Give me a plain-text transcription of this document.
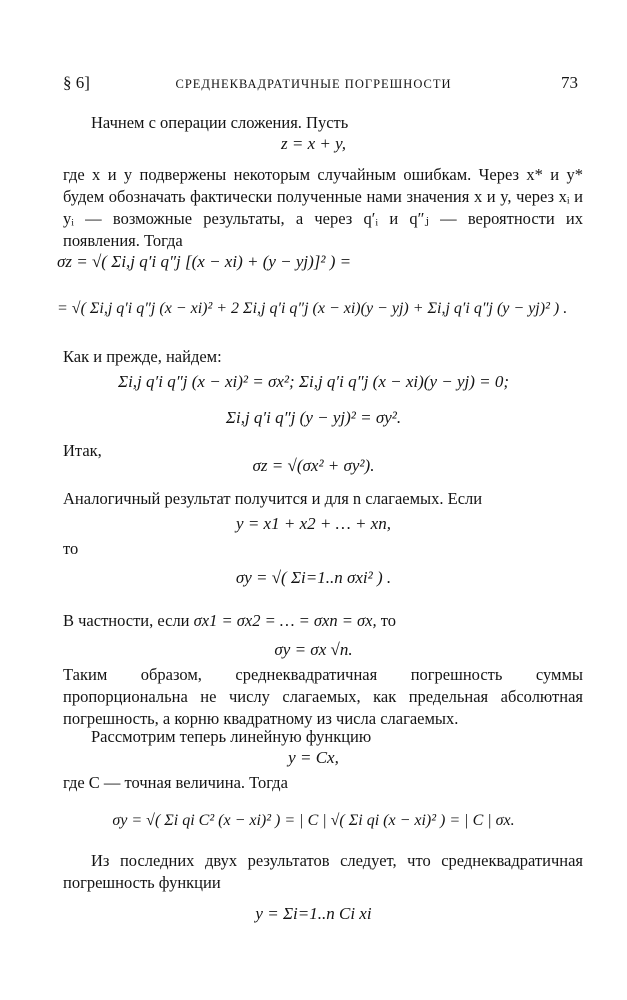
§ 6]	СРЕДНЕКВАДРАТИЧНЫЕ ПОГРЕШНОСТИ	73
Начнем с операции сложения. Пусть
z = x + y,
где x и y подвержены некоторым случайным ошибкам. Через x* и y* будем обозначать фактически полученные нами значения x и y, через xᵢ и yᵢ — возможные результаты, а через q′ᵢ и q″ⱼ — вероятности их появления. Тогда
σz = √( Σi,j q′i q″j [(x − xi) + (y − yj)]² ) =
= √( Σi,j q′i q″j (x − xi)² + 2 Σi,j q′i q″j (x − xi)(y − yj) + Σi,j q′i q″j (y − yj)² ) .
Как и прежде, найдем:
Σi,j q′i q″j (x − xi)² = σx²; Σi,j q′i q″j (x − xi)(y − yj) = 0;
Σi,j q′i q″j (y − yj)² = σy².
Итак,
σz = √(σx² + σy²).
Аналогичный результат получится и для n слагаемых. Если
y = x1 + x2 + … + xn,
то
σy = √( Σi=1..n σxi² ) .
В частности, если σx1 = σx2 = … = σxn = σx, то
σy = σx √n.
Таким образом, среднеквадратичная погрешность суммы пропорциональна не числу слагаемых, как предельная абсолютная погрешность, а корню квадратному из числа слагаемых.
Рассмотрим теперь линейную функцию
y = Cx,
где C — точная величина. Тогда
σy = √( Σi qi C² (x − xi)² ) = | C | √( Σi qi (x − xi)² ) = | C | σx.
Из последних двух результатов следует, что среднеквадратичная погрешность функции
y = Σi=1..n Ci xi
